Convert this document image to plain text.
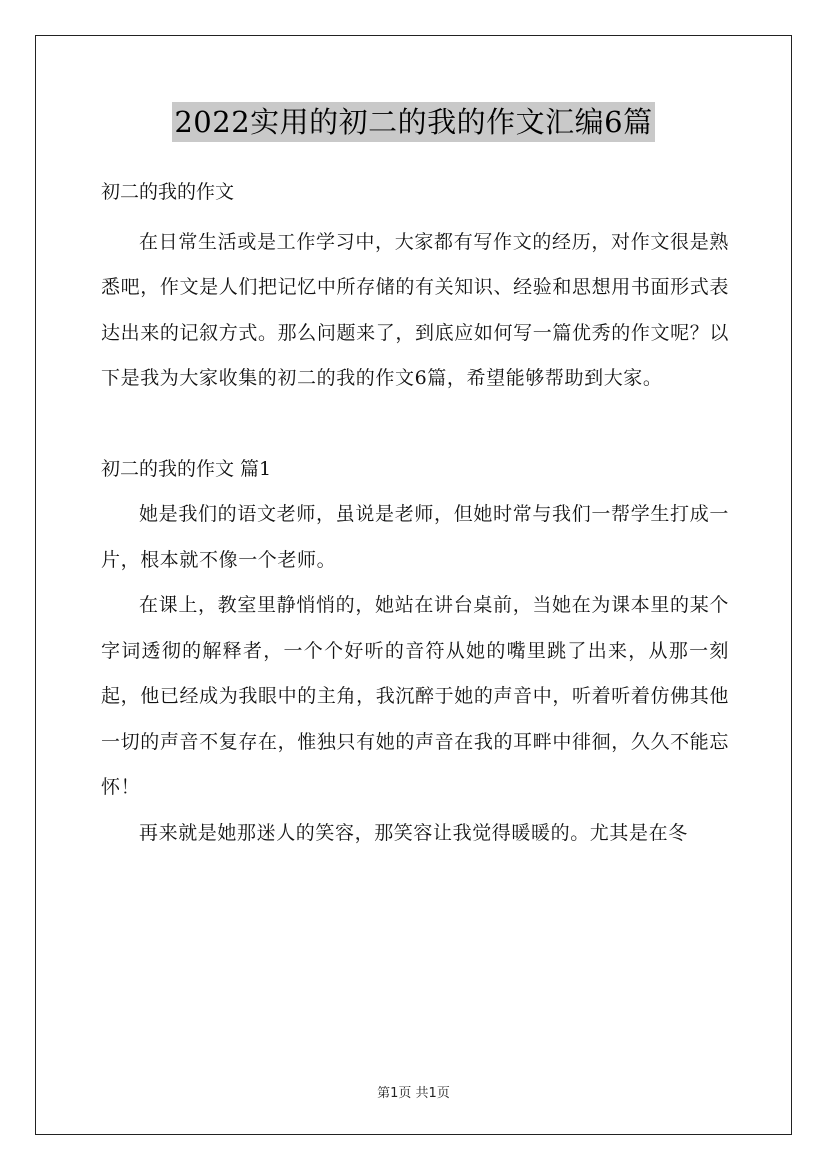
2022实用的初二的我的作文汇编6篇

初二的我的作文

在日常生活或是工作学习中，大家都有写作文的经历，对作文很是熟悉吧，作文是人们把记忆中所存储的有关知识、经验和思想用书面形式表达出来的记叙方式。那么问题来了，到底应如何写一篇优秀的作文呢？以下是我为大家收集的初二的我的作文6篇，希望能够帮助到大家。

初二的我的作文 篇1

她是我们的语文老师，虽说是老师，但她时常与我们一帮学生打成一片，根本就不像一个老师。

在课上，教室里静悄悄的，她站在讲台桌前，当她在为课本里的某个字词透彻的解释者，一个个好听的音符从她的嘴里跳了出来，从那一刻起，他已经成为我眼中的主角，我沉醉于她的声音中，听着听着仿佛其他一切的声音不复存在，惟独只有她的声音在我的耳畔中徘徊，久久不能忘怀！

再来就是她那迷人的笑容，那笑容让我觉得暖暖的。尤其是在冬

第1页 共1页
